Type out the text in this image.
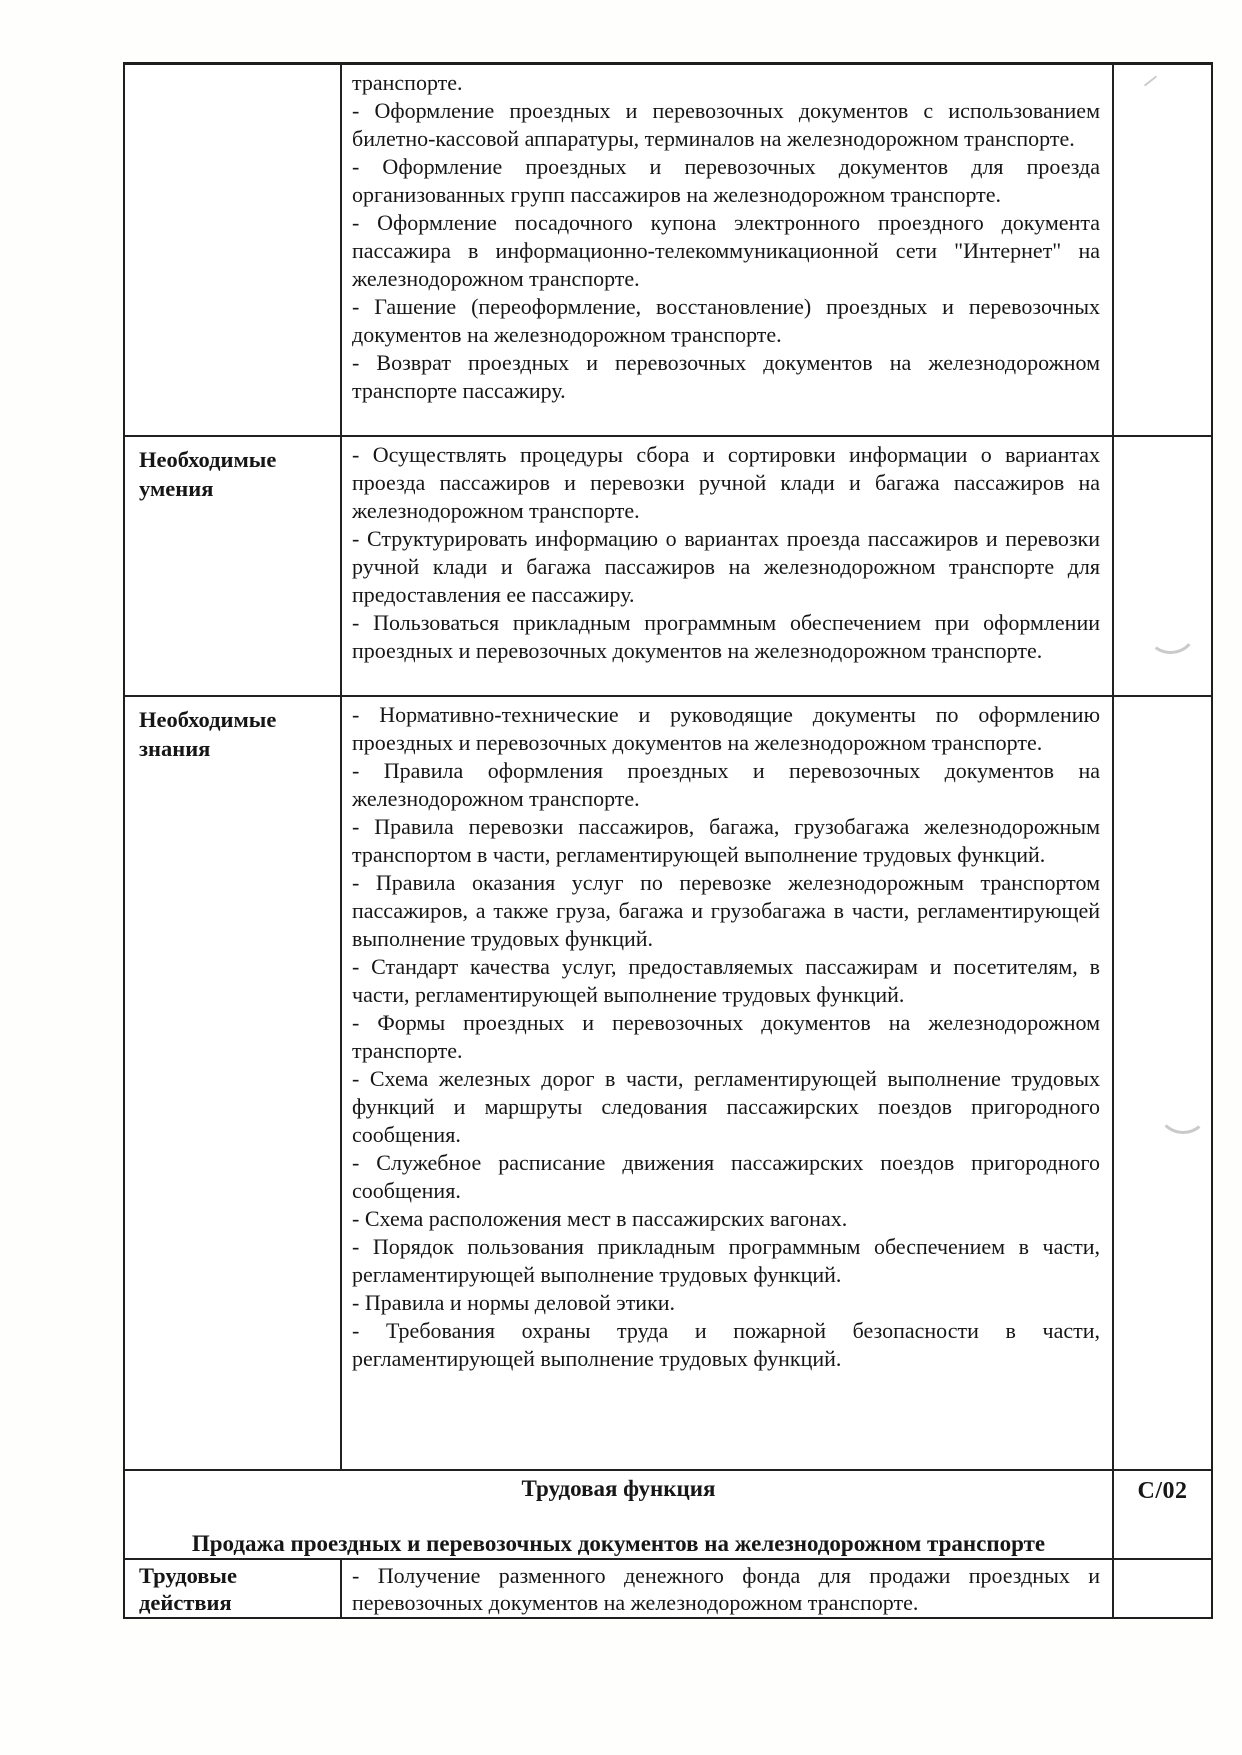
транспорте.

- Оформление проездных и перевозочных документов с использованием билетно-кассовой аппаратуры, терминалов на железнодорожном транспорте.

- Оформление проездных и перевозочных документов для проезда организованных групп пассажиров на железнодорожном транспорте.

- Оформление посадочного купона электронного проездного документа пассажира в информационно-телекоммуникационной сети "Интернет" на железнодорожном транспорте.

- Гашение (переоформление, восстановление) проездных и перевозочных документов на железнодорожном транспорте.

- Возврат проездных и перевозочных документов на железнодорожном транспорте пассажиру.

Необходимые умения

- Осуществлять процедуры сбора и сортировки информации о вариантах проезда пассажиров и перевозки ручной клади и багажа пассажиров на железнодорожном транспорте.

- Структурировать информацию о вариантах проезда пассажиров и перевозки ручной клади и багажа пассажиров на железнодорожном транспорте для предоставления ее пассажиру.

- Пользоваться прикладным программным обеспечением при оформлении проездных и перевозочных документов на железнодорожном транспорте.

Необходимые знания

- Нормативно-технические и руководящие документы по оформлению проездных и перевозочных документов на железнодорожном транспорте.

- Правила оформления проездных и перевозочных документов на железнодорожном транспорте.

- Правила перевозки пассажиров, багажа, грузобагажа железнодорожным транспортом в части, регламентирующей выполнение трудовых функций.

- Правила оказания услуг по перевозке железнодорожным транспортом пассажиров, а также груза, багажа и грузобагажа в части, регламентирующей выполнение трудовых функций.

- Стандарт качества услуг, предоставляемых пассажирам и посетителям, в части, регламентирующей выполнение трудовых функций.

- Формы проездных и перевозочных документов на железнодорожном транспорте.

- Схема железных дорог в части, регламентирующей выполнение трудовых функций и маршруты следования пассажирских поездов пригородного сообщения.

- Служебное расписание движения пассажирских поездов пригородного сообщения.

- Схема расположения мест в пассажирских вагонах.

- Порядок пользования прикладным программным обеспечением в части, регламентирующей выполнение трудовых функций.

- Правила и нормы деловой этики.

- Требования охраны труда и пожарной безопасности в части, регламентирующей выполнение трудовых функций.

Трудовая функция
Продажа проездных и перевозочных документов на железнодорожном транспорте
С/02
Трудовые действия

- Получение разменного денежного фонда для продажи проездных и перевозочных документов на железнодорожном транспорте.
